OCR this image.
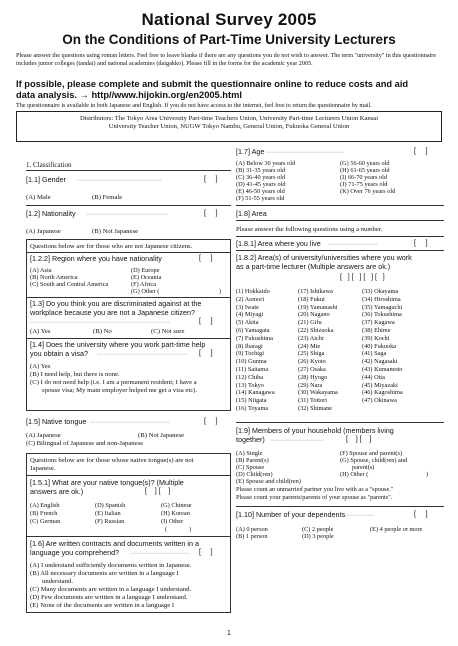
National Survey 2005
On the Conditions of Part-Time University Lecturers
Please answer the questions using roman letters. Feel free to leave blanks if there are any questions you do not wish to answer. The term "university" in this questionnaire includes junior colleges (tandai) and national academies (daigakko). Please fill in the forms for the academic year 2005.
If possible, please complete and submit the questionnaire online to reduce costs and aid
data analysis. → http//www.hijokin.org/en2005.html
The questionnaire is available in both Japanese and English. If you do not have access to the internet, feel free to return the questionnaire by mail.
Distributors: The Tokyo Area University Part-time Teachers Union, University Part-time Lecturers Union Kansai
University Teacher Union, NUGW Tokyo Nambu, General Union, Fukuoka General Union
1. Classification
[1.1] Gender ···········································	[     ]
(A) Male	(B) Female
[1.2] Nationality ·········································	[     ]
(A) Japanese	(B) Not Japanese
Questions below are for those who are not Japanese citizens.
[1.2.2] Region where you have nationality	[     ]
(A) Asia	(D) Europe
(B) North America	(E) Oceania
(C) South and Central America	(F) Africa
(G) Other (	)
[1.3] Do you think you are discriminated against at the
workplace because you are not a Japanese citizen?
······································································	[     ]
(A) Yes	(B) No	(C) Not sure
[1.4] Does the university where you work part-time help
you obtain a visa? ············································· [     ]
(A) Yes
(B) I need help, but there is none.
(C) I do not need help (i.e. I am a permanent resident; I have a
spouse visa; My main employer helped me get a visa etc).
[1.5] Native tongue ········································	[     ]
(A) Japanese	(B) Not Japanese
(C) Bilingual of Japanese and non-Japanese
Questions below are for those whose native tongue(s) are not
Japanese.
[1.5.1] What are your native tongue(s)? (Multiple
answers are ok.)	[    ] [    ]
(A) English	(D) Spanish	(G) Chinese
(B) French	(E) Italian	(H) Korean
(C) German	(F) Russian	(I) Other
(              )
[1.6] Are written contracts and documents written in a
language you comprehend? ····························· [     ]
(A) I understand sufficiently documents written in Japanese.
(B) All necessary documents are written in a language I
understand.
(C) Many documents are written in a language I understand.
(D) Few documents are written in a language I understand.
(E) None of the documents are written in a language I
[1.7] Age ·······································	[     ]
(A) Below 30 years old	(G) 56-60 years old
(B) 31-35 years old	(H) 61-65 years old
(C) 36-40 years old	(I) 66-70 years old
(D) 41-45 years old	(J) 71-75 years old
(E) 46-50 years old	(K) Over 76 years old
(F) 51-55 years old
[1.8] Area
Please answer the following questions using a number.
[1.8.1] Area where you live ·························	[     ]
[1.8.2] Area(s) of university/universities where you work
as a part-time lecturer (Multiple answers are ok.)
[   ] [   ] [   ] [   ]
(1) Hokkaido	(17) Ishikawa	(33) Okayama
(2) Aomori	(18) Fukui	(34) Hiroshima
(3) Iwate	(19) Yamanashi	(35) Yamaguchi
(4) Miyagi	(20) Nagano	(36) Tokushima
(5) Akita	(21) Gifu	(37) Kagawa
(6) Yamagata	(22) Shizuoka	(38) Ehime
(7) Fukushima	(23) Aichi	(39) Kochi
(8) Ibaragi	(24) Mie	(40) Fukuoka
(9) Tochigi	(25) Shiga	(41) Saga
(10) Gunma	(26) Kyoto	(42) Nagasaki
(11) Saitama	(27) Osaka	(43) Kumamoto
(12) Chiba	(28) Hyogo	(44) Oita
(13) Tokyo	(29) Nara	(45) Miyazaki
(14) Kanagawa	(30) Wakayama	(46) Kagoshima
(15) Niigata	(31) Tottori	(47) Okinawa
(16) Toyama	(32) Shimane
[1.9] Members of your household (members living
together) ···························	[    ] [    ]
(A) Single	(F) Spouse and parent(s)
(B) Parent(s)	(G) Spouse, child(ren) and
(C) Spouse	parent(s)
(D) Child(ren)	(H) Other (	)
(E) Spouse and child(ren)
Please count an unmarried partner you live with as a "spouse."
Please count your parents/parents of your spouse as "parents".
[1.10] Number of your dependents
················	[     ]
(A) 0 person	(C) 2 people	(E) 4 people or more
(B) 1 person	(D) 3 people
1
